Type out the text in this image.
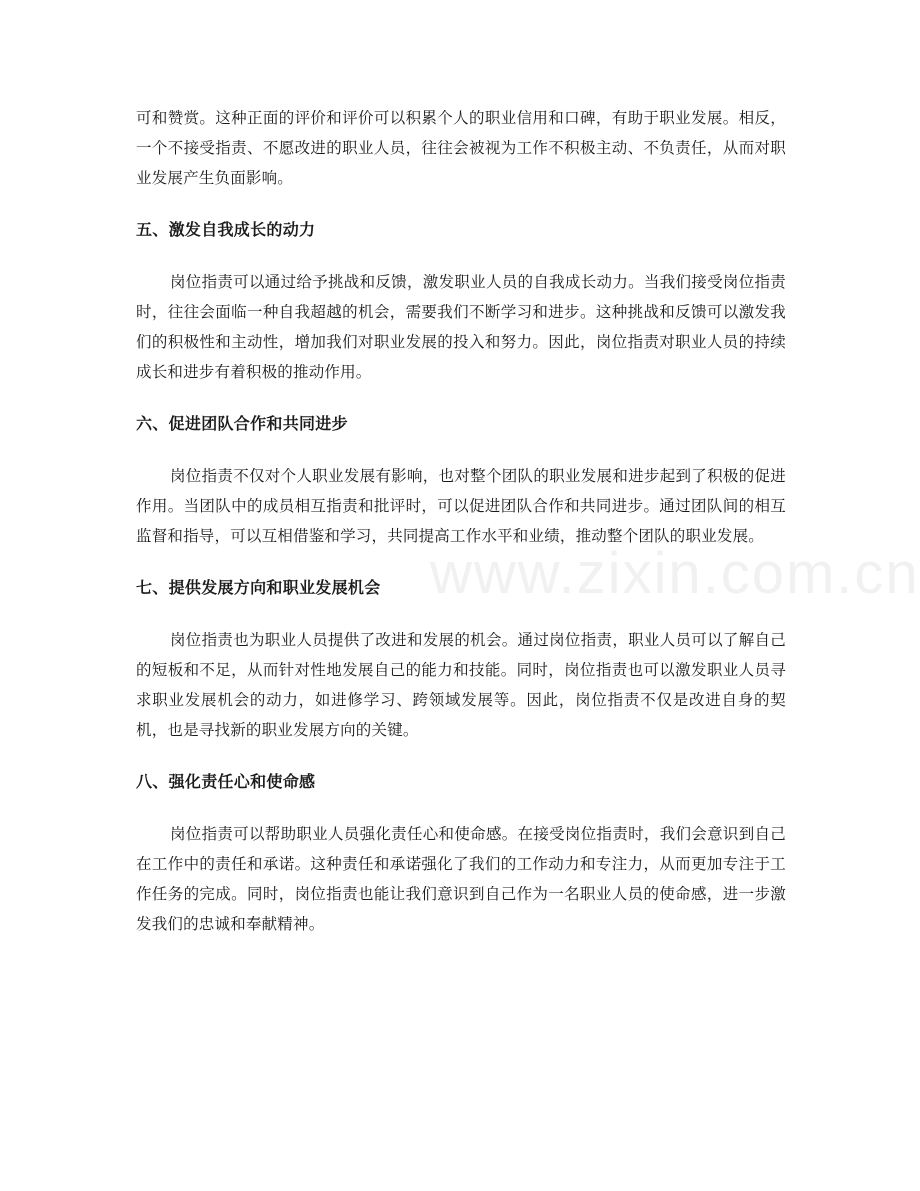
www.zixin.com.cn

可和赞赏。这种正面的评价和评价可以积累个人的职业信用和口碑，有助于职业发展。相反，一个不接受指责、不愿改进的职业人员，往往会被视为工作不积极主动、不负责任，从而对职业发展产生负面影响。

五、激发自我成长的动力

岗位指责可以通过给予挑战和反馈，激发职业人员的自我成长动力。当我们接受岗位指责时，往往会面临一种自我超越的机会，需要我们不断学习和进步。这种挑战和反馈可以激发我们的积极性和主动性，增加我们对职业发展的投入和努力。因此，岗位指责对职业人员的持续成长和进步有着积极的推动作用。

六、促进团队合作和共同进步

岗位指责不仅对个人职业发展有影响，也对整个团队的职业发展和进步起到了积极的促进作用。当团队中的成员相互指责和批评时，可以促进团队合作和共同进步。通过团队间的相互监督和指导，可以互相借鉴和学习，共同提高工作水平和业绩，推动整个团队的职业发展。

七、提供发展方向和职业发展机会

岗位指责也为职业人员提供了改进和发展的机会。通过岗位指责，职业人员可以了解自己的短板和不足，从而针对性地发展自己的能力和技能。同时，岗位指责也可以激发职业人员寻求职业发展机会的动力，如进修学习、跨领域发展等。因此，岗位指责不仅是改进自身的契机，也是寻找新的职业发展方向的关键。

八、强化责任心和使命感

岗位指责可以帮助职业人员强化责任心和使命感。在接受岗位指责时，我们会意识到自己在工作中的责任和承诺。这种责任和承诺强化了我们的工作动力和专注力，从而更加专注于工作任务的完成。同时，岗位指责也能让我们意识到自己作为一名职业人员的使命感，进一步激发我们的忠诚和奉献精神。
